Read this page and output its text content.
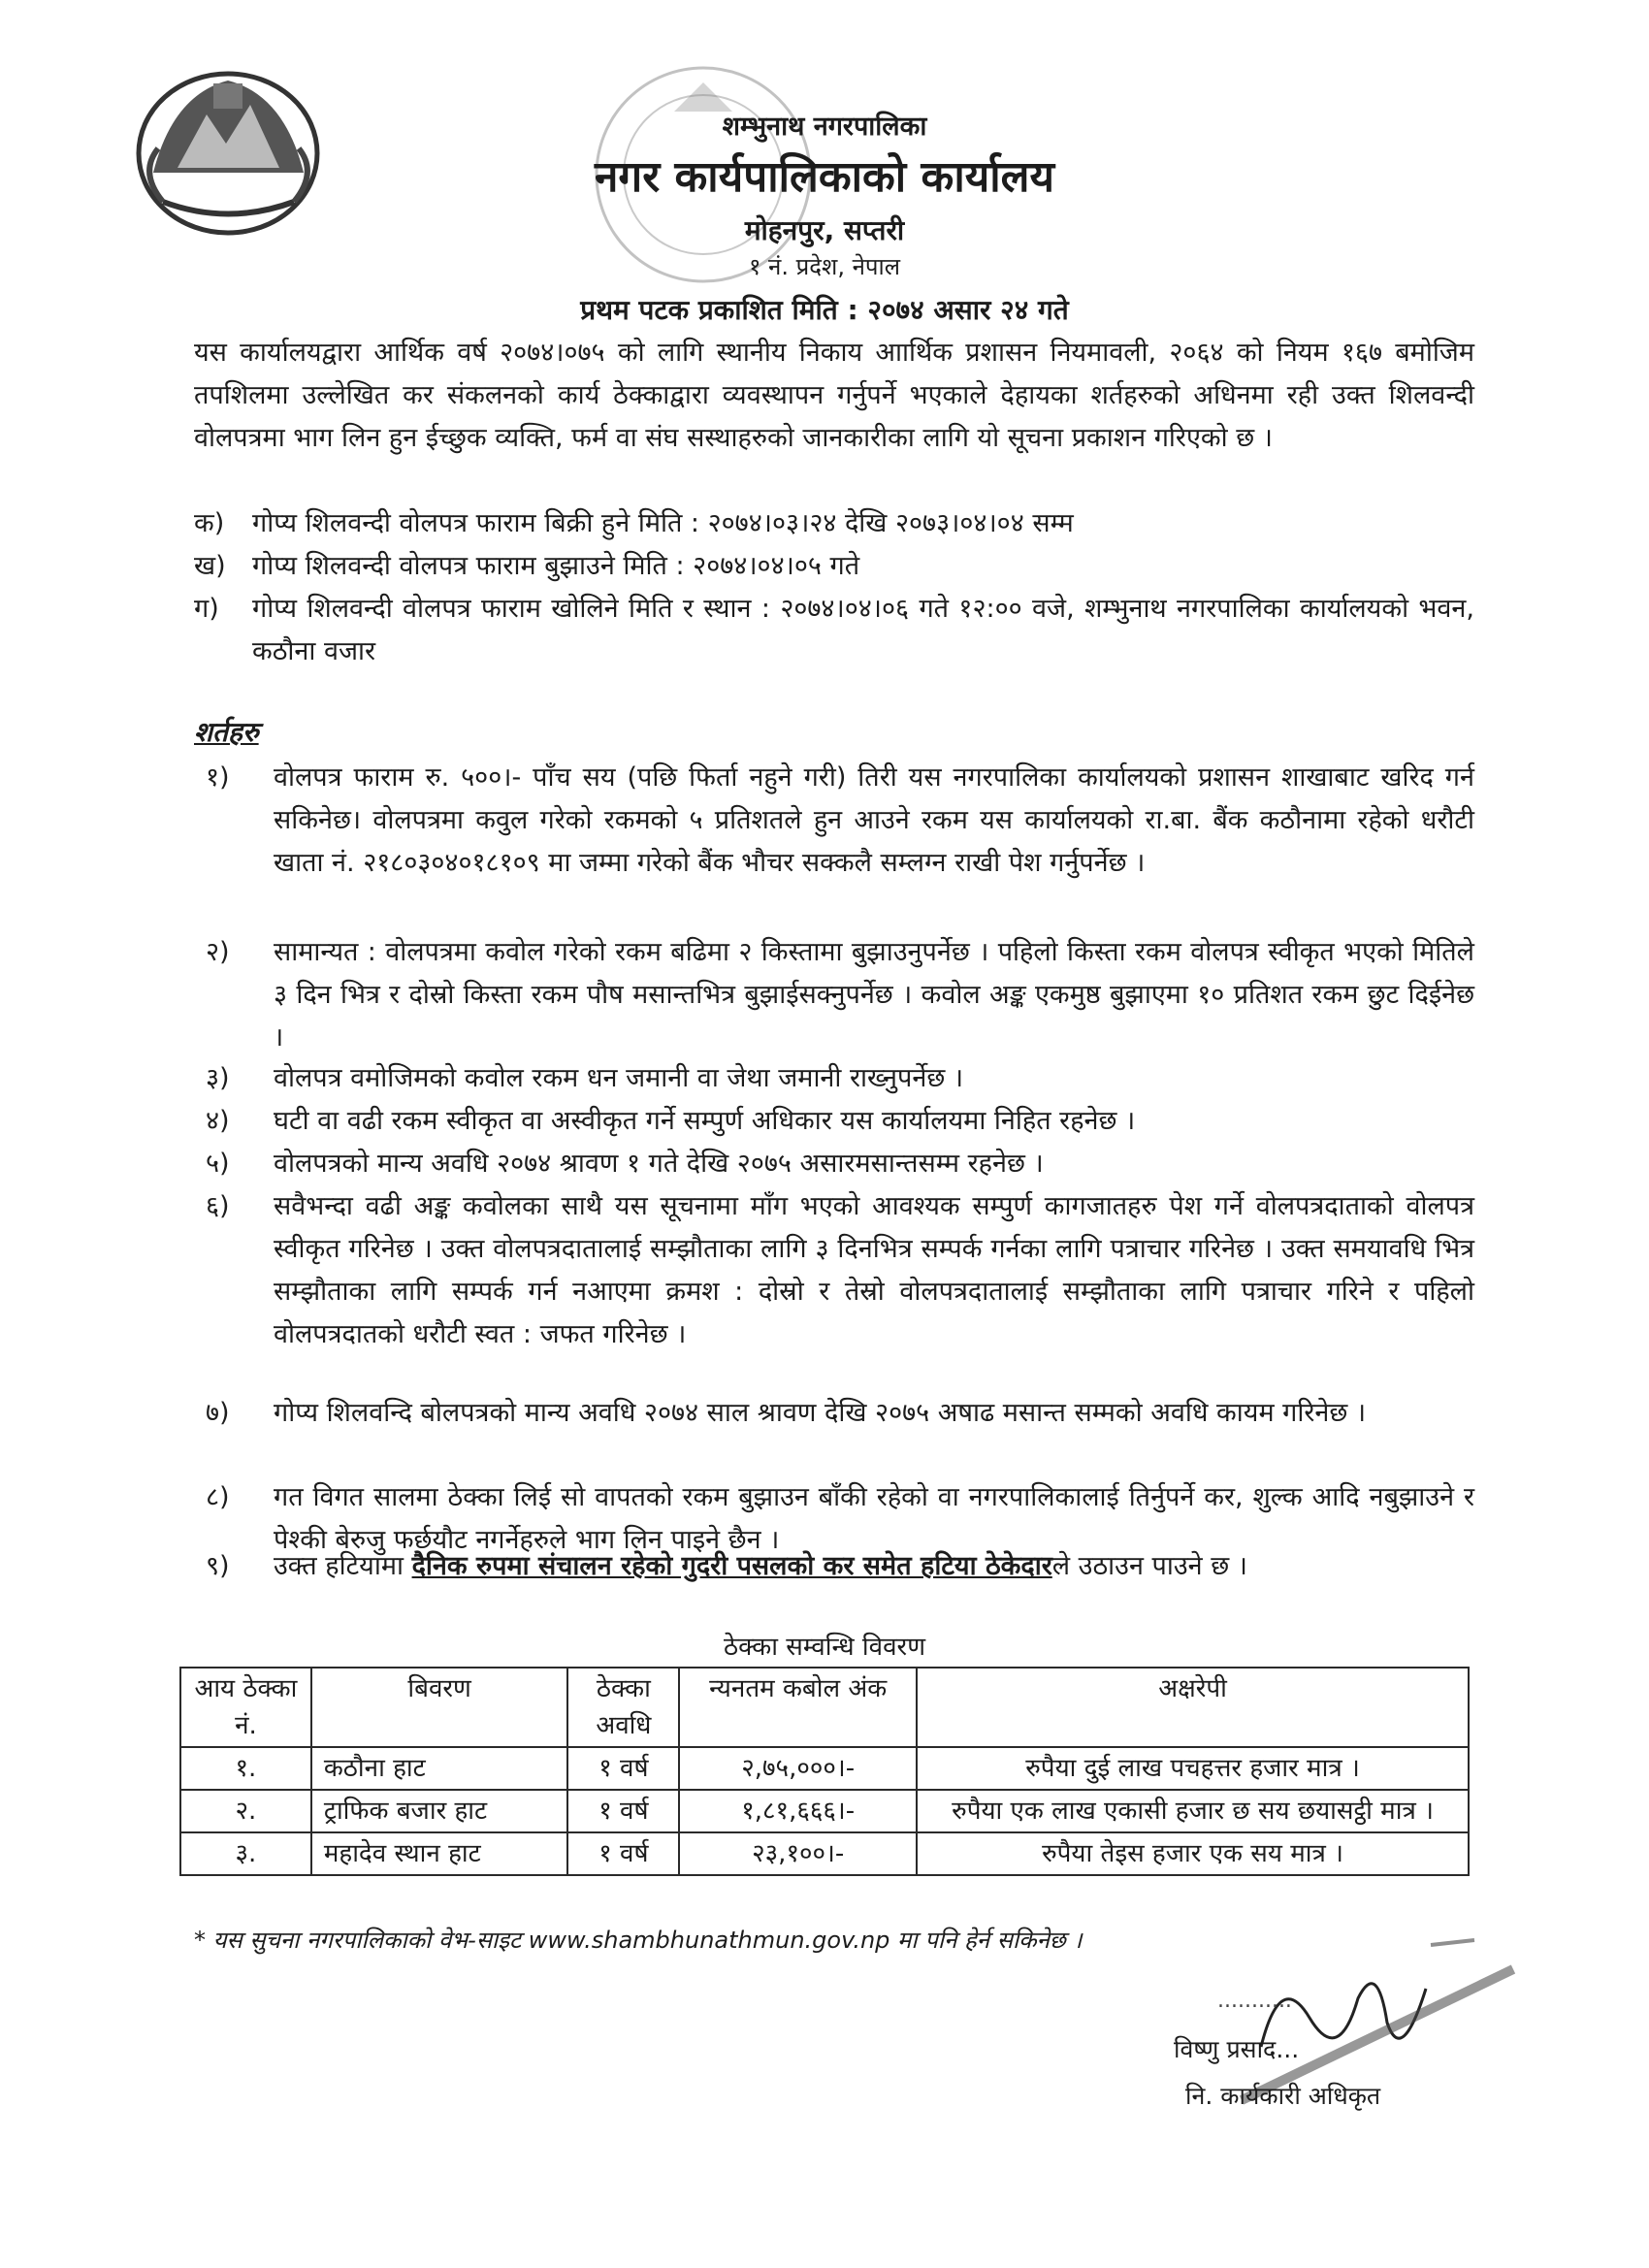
शम्भुनाथ नगरपालिका
नगर कार्यपालिकाको कार्यालय
मोहनपुर, सप्तरी
१ नं. प्रदेश, नेपाल
प्रथम पटक प्रकाशित मिति : २०७४ असार २४ गते
यस कार्यालयद्वारा आर्थिक वर्ष २०७४।०७५ को लागि स्थानीय निकाय आार्थिक प्रशासन नियमावली, २०६४ को नियम १६७ बमोजिम तपशिलमा उल्लेखित कर संकलनको कार्य ठेक्काद्वारा व्यवस्थापन गर्नुपर्ने भएकाले देहायका शर्तहरुको अधिनमा रही उक्त शिलवन्दी वोलपत्रमा भाग लिन हुन ईच्छुक व्यक्ति, फर्म वा संघ सस्थाहरुको जानकारीका लागि यो सूचना प्रकाशन गरिएको छ ।
क) गोप्य शिलवन्दी वोलपत्र फाराम बिक्री हुने मिति : २०७४।०३।२४ देखि २०७३।०४।०४ सम्म
ख) गोप्य शिलवन्दी वोलपत्र फाराम बुझाउने मिति : २०७४।०४।०५ गते
ग) गोप्य शिलवन्दी वोलपत्र फाराम खोलिने मिति र स्थान : २०७४।०४।०६ गते १२:०० वजे, शम्भुनाथ नगरपालिका कार्यालयको भवन, कठौना वजार
शर्तहरु
१) वोलपत्र फाराम रु. ५००।- पाँच सय (पछि फिर्ता नहुने गरी) तिरी यस नगरपालिका कार्यालयको प्रशासन शाखाबाट खरिद गर्न सकिनेछ। वोलपत्रमा कवुल गरेको रकमको ५ प्रतिशतले हुन आउने रकम यस कार्यालयको रा.बा. बैंक कठौनामा रहेको धरौटी खाता नं. २१८०३०४०१८१०९ मा जम्मा गरेको बैंक भौचर सक्कलै सम्लग्न राखी पेश गर्नुपर्नेछ ।
२) सामान्यत : वोलपत्रमा कवोल गरेको रकम बढिमा २ किस्तामा बुझाउनुपर्नेछ । पहिलो किस्ता रकम वोलपत्र स्वीकृत भएको मितिले ३ दिन भित्र र दोस्रो किस्ता रकम पौष मसान्तभित्र बुझाईसक्नुपर्नेछ । कवोल अङ्क एकमुष्ठ बुझाएमा १० प्रतिशत रकम छुट दिईनेछ ।
३) वोलपत्र वमोजिमको कवोल रकम धन जमानी वा जेथा जमानी राख्नुपर्नेछ ।
४) घटी वा वढी रकम स्वीकृत वा अस्वीकृत गर्ने सम्पुर्ण अधिकार यस कार्यालयमा निहित रहनेछ ।
५) वोलपत्रको मान्य अवधि २०७४ श्रावण १ गते देखि २०७५ असारमसान्तसम्म रहनेछ ।
६) सवैभन्दा वढी अङ्क कवोलका साथै यस सूचनामा माँग भएको आवश्यक सम्पुर्ण कागजातहरु पेश गर्ने वोलपत्रदाताको वोलपत्र स्वीकृत गरिनेछ । उक्त वोलपत्रदातालाई सम्झौताका लागि ३ दिनभित्र सम्पर्क गर्नका लागि पत्राचार गरिनेछ । उक्त समयावधि भित्र सम्झौताका लागि सम्पर्क गर्न नआएमा क्रमश : दोस्रो र तेस्रो वोलपत्रदातालाई सम्झौताका लागि पत्राचार गरिने र पहिलो वोलपत्रदातको धरौटी स्वत : जफत गरिनेछ ।
७) गोप्य शिलवन्दि बोलपत्रको मान्य अवधि २०७४ साल श्रावण देखि २०७५ अषाढ मसान्त सम्मको अवधि कायम गरिनेछ ।
८) गत विगत सालमा ठेक्का लिई सो वापतको रकम बुझाउन बाँकी रहेको वा नगरपालिकालाई तिर्नुपर्ने कर, शुल्क आदि नबुझाउने र पेश्की बेरुजु फर्छयौट नगर्नेहरुले भाग लिन पाइने छैन ।
९) उक्त हटियामा दैनिक रुपमा संचालन रहेको गुदरी पसलको कर समेत हटिया ठेकेदारले उठाउन पाउने छ ।
ठेक्का सम्वन्धि विवरण
आय ठेक्का नं.	बिवरण	ठेक्का अवधि	न्यनतम कबोल अंक	अक्षरेपी
१.	कठौना हाट	१ वर्ष	२,७५,०००।-	रुपैया दुई लाख पचहत्तर हजार मात्र ।
२.	ट्राफिक बजार हाट	१ वर्ष	१,८१,६६६।-	रुपैया एक लाख एकासी हजार छ सय छयासट्ठी मात्र ।
३.	महादेव स्थान हाट	१ वर्ष	२३,१००।-	रुपैया तेइस हजार एक सय मात्र ।
* यस सुचना नगरपालिकाको वेभ-साइट www.shambhunathmun.gov.np मा पनि हेर्न सकिनेछ ।
...........
विष्णु प्रसाद...
नि. कार्यकारी अधिकृत
